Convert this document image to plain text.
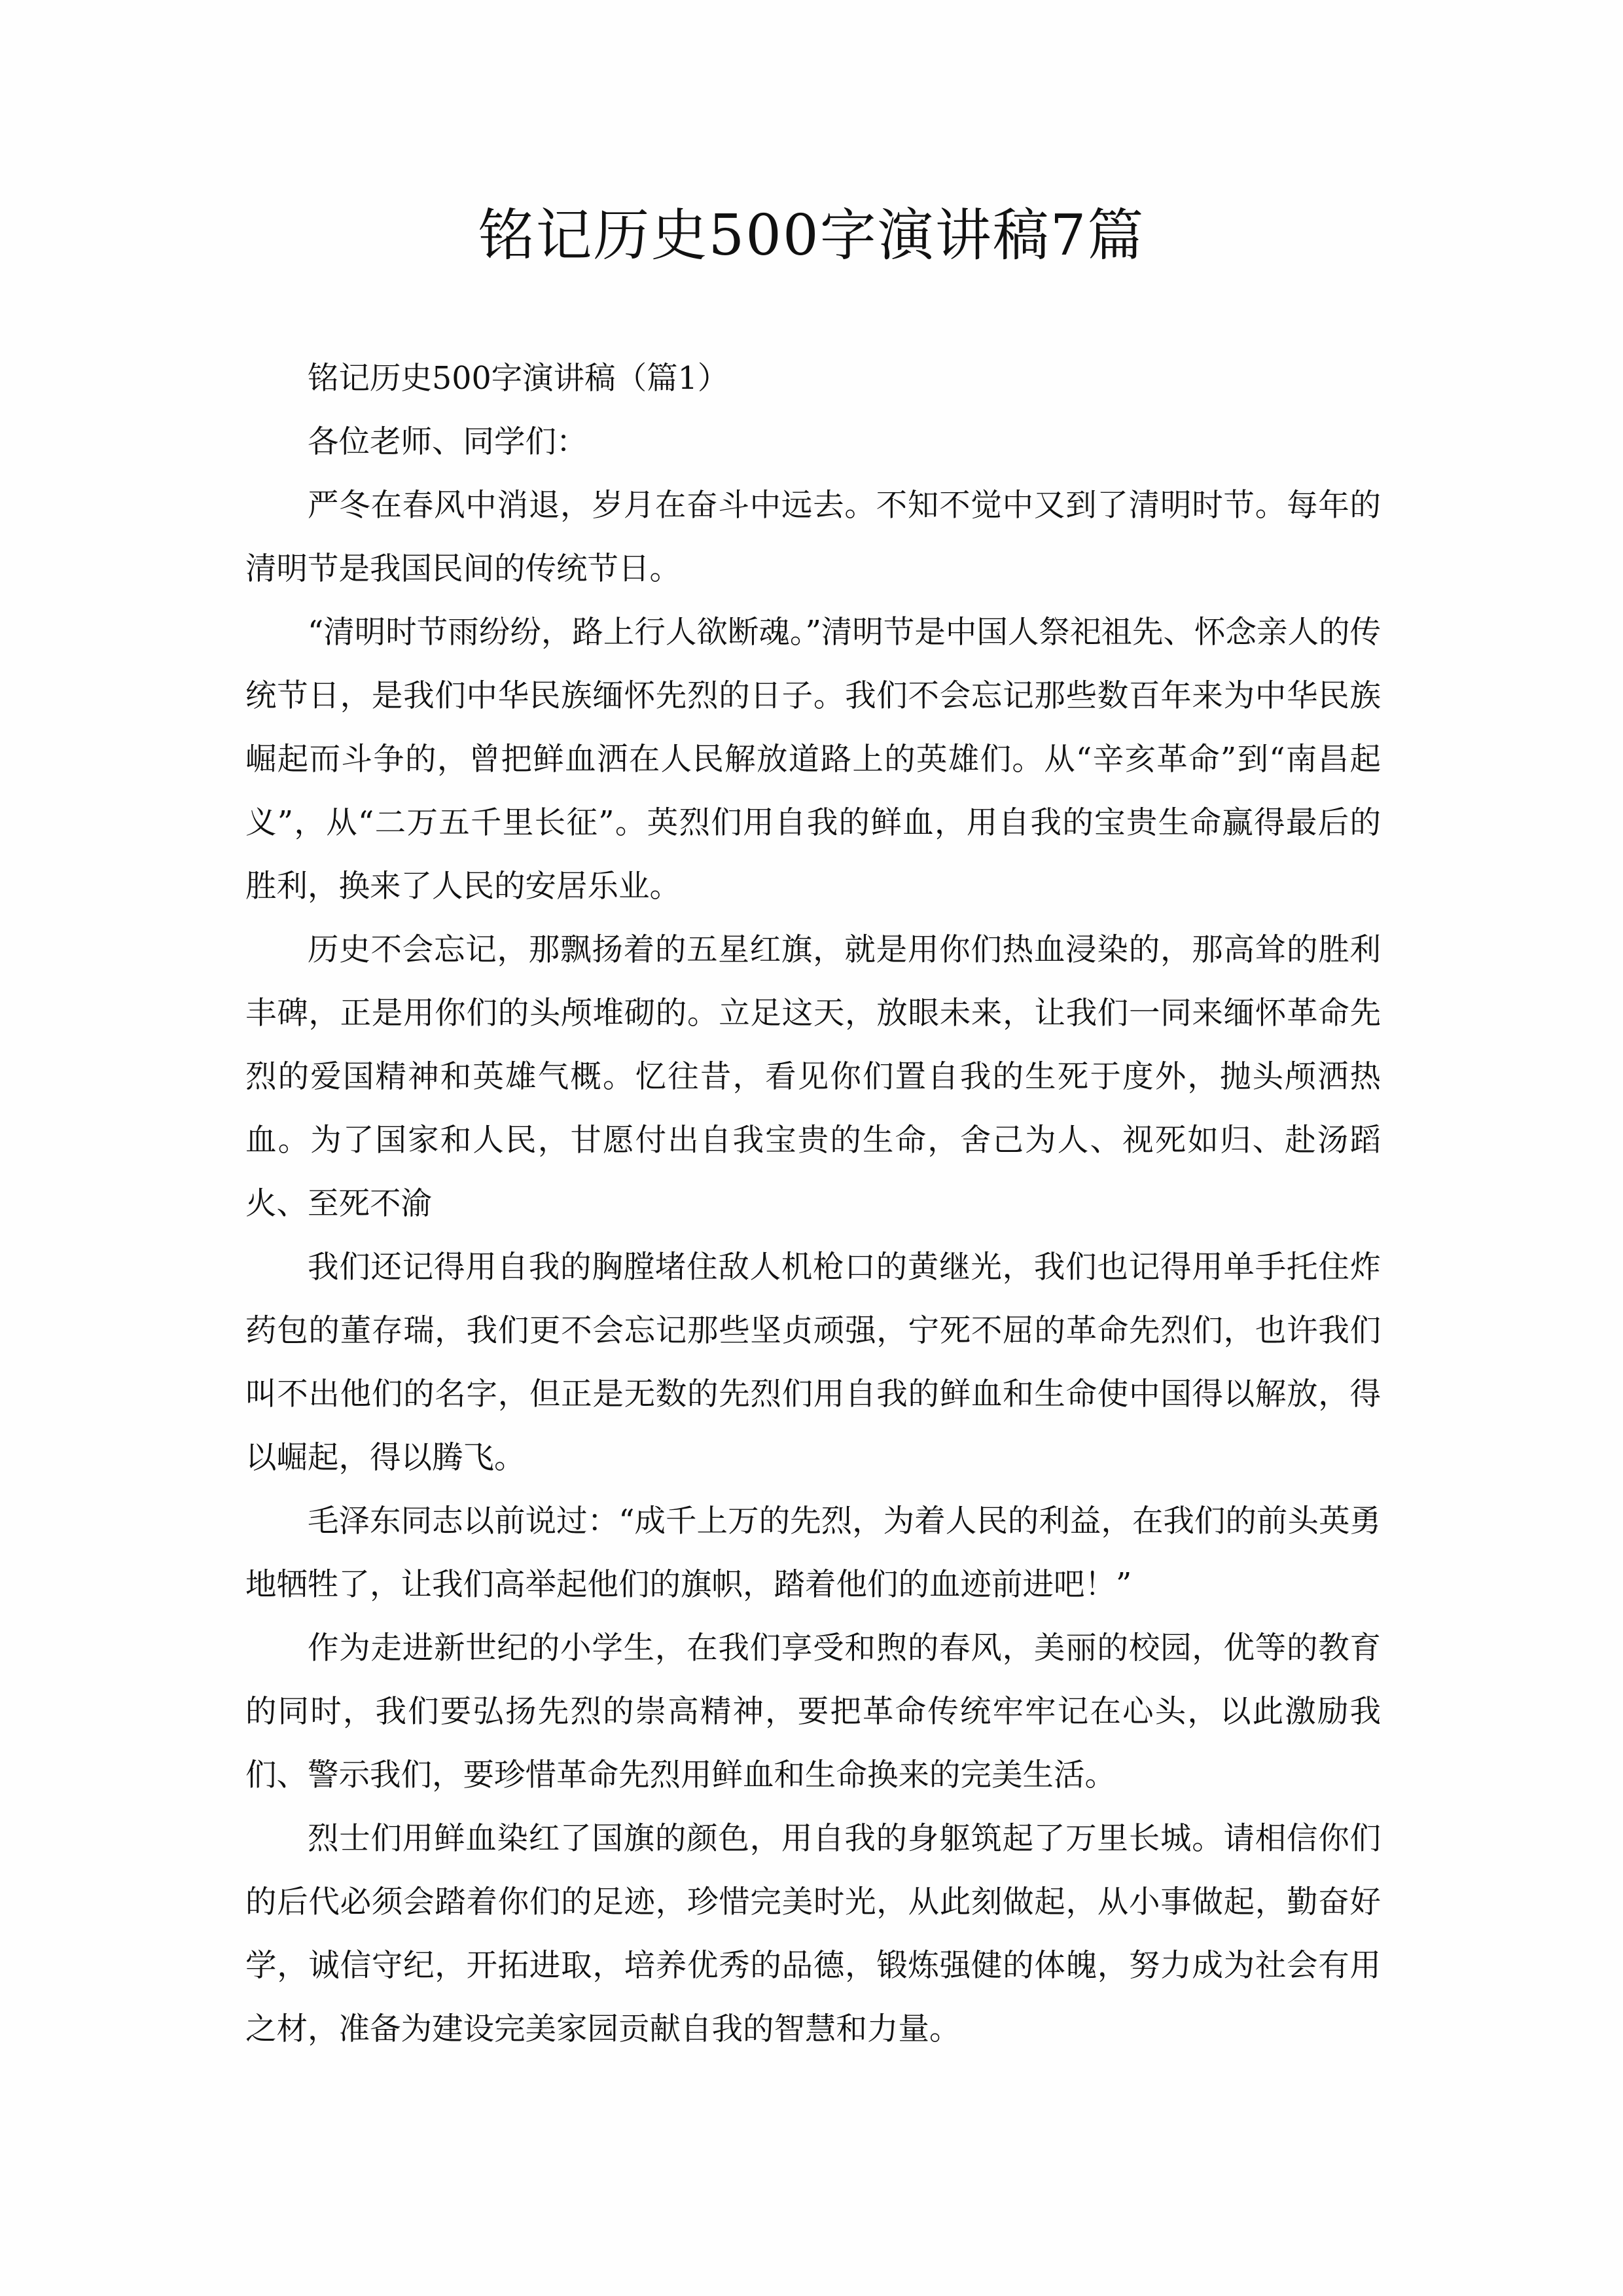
铭记历史500字演讲稿7篇

铭记历史500字演讲稿（篇1）

各位老师、同学们：

严冬在春风中消退，岁月在奋斗中远去。不知不觉中又到了清明时节。每年的清明节是我国民间的传统节日。

“清明时节雨纷纷，路上行人欲断魂。”清明节是中国人祭祀祖先、怀念亲人的传统节日，是我们中华民族缅怀先烈的日子。我们不会忘记那些数百年来为中华民族崛起而斗争的，曾把鲜血洒在人民解放道路上的英雄们。从“辛亥革命”到“南昌起义”，从“二万五千里长征”。英烈们用自我的鲜血，用自我的宝贵生命赢得最后的胜利，换来了人民的安居乐业。

历史不会忘记，那飘扬着的五星红旗，就是用你们热血浸染的，那高耸的胜利丰碑，正是用你们的头颅堆砌的。立足这天，放眼未来，让我们一同来缅怀革命先烈的爱国精神和英雄气概。忆往昔，看见你们置自我的生死于度外，抛头颅洒热血。为了国家和人民，甘愿付出自我宝贵的生命，舍己为人、视死如归、赴汤蹈火、至死不渝

我们还记得用自我的胸膛堵住敌人机枪口的黄继光，我们也记得用单手托住炸药包的董存瑞，我们更不会忘记那些坚贞顽强，宁死不屈的革命先烈们，也许我们叫不出他们的名字，但正是无数的先烈们用自我的鲜血和生命使中国得以解放，得以崛起，得以腾飞。

毛泽东同志以前说过：“成千上万的先烈，为着人民的利益，在我们的前头英勇地牺牲了，让我们高举起他们的旗帜，踏着他们的血迹前进吧！”

作为走进新世纪的小学生，在我们享受和煦的春风，美丽的校园，优等的教育的同时，我们要弘扬先烈的崇高精神，要把革命传统牢牢记在心头，以此激励我们、警示我们，要珍惜革命先烈用鲜血和生命换来的完美生活。

烈士们用鲜血染红了国旗的颜色，用自我的身躯筑起了万里长城。请相信你们的后代必须会踏着你们的足迹，珍惜完美时光，从此刻做起，从小事做起，勤奋好学，诚信守纪，开拓进取，培养优秀的品德，锻炼强健的体魄，努力成为社会有用之材，准备为建设完美家园贡献自我的智慧和力量。
